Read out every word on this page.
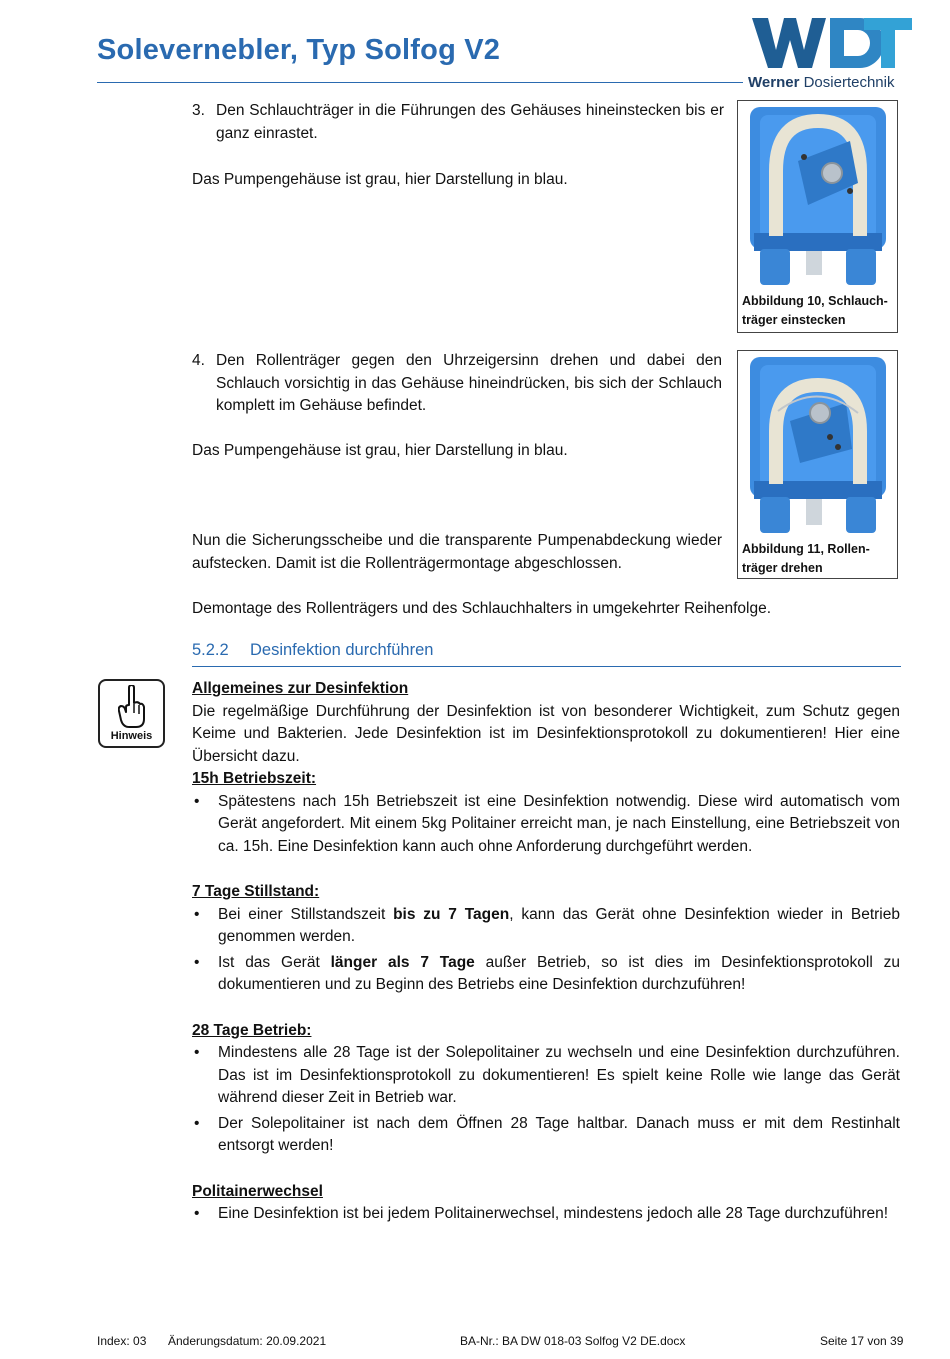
Solevernebler, Typ Solfog V2
Werner Dosiertechnik
3. Den Schlauchträger in die Führungen des Gehäuses hineinstecken bis er ganz einrastet.
Das Pumpengehäuse ist grau, hier Darstellung in blau.
Abbildung 10, Schlauch-
träger einstecken
4. Den Rollenträger gegen den Uhrzeigersinn drehen und dabei den Schlauch vorsichtig in das Gehäuse hineindrücken, bis sich der Schlauch komplett im Gehäuse befindet.
Das Pumpengehäuse ist grau, hier Darstellung in blau.
Abbildung 11, Rollen-
träger drehen
Nun die Sicherungsscheibe und die transparente Pumpenabdeckung wieder aufstecken. Damit ist die Rollenträgermontage abgeschlossen.
Demontage des Rollenträgers und des Schlauchhalters in umgekehrter Reihenfolge.
5.2.2 Desinfektion durchführen
Hinweis
Allgemeines zur Desinfektion
Die regelmäßige Durchführung der Desinfektion ist von besonderer Wichtigkeit, zum Schutz gegen Keime und Bakterien. Jede Desinfektion ist im Desinfektionsprotokoll zu dokumentieren! Hier eine Übersicht dazu.
15h Betriebszeit:
•	Spätestens nach 15h Betriebszeit ist eine Desinfektion notwendig. Diese wird automatisch vom Gerät angefordert. Mit einem 5kg Politainer erreicht man, je nach Einstellung, eine Betriebszeit von ca. 15h. Eine Desinfektion kann auch ohne Anforderung durchgeführt werden.
7 Tage Stillstand:
•	Bei einer Stillstandszeit bis zu 7 Tagen, kann das Gerät ohne Desinfektion wieder in Betrieb genommen werden.
•	Ist das Gerät länger als 7 Tage außer Betrieb, so ist dies im Desinfektionsprotokoll zu dokumentieren und zu Beginn des Betriebs eine Desinfektion durchzuführen!
28 Tage Betrieb:
•	Mindestens alle 28 Tage ist der Solepolitainer zu wechseln und eine Desinfektion durchzuführen. Das ist im Desinfektionsprotokoll zu dokumentieren! Es spielt keine Rolle wie lange das Gerät während dieser Zeit in Betrieb war.
•	Der Solepolitainer ist nach dem Öffnen 28 Tage haltbar. Danach muss er mit dem Restinhalt entsorgt werden!
Politainerwechsel
•	Eine Desinfektion ist bei jedem Politainerwechsel, mindestens jedoch alle 28 Tage durchzuführen!
Index: 03 Änderungsdatum: 20.09.2021	BA-Nr.: BA DW 018-03 Solfog V2 DE.docx	Seite 17 von 39
